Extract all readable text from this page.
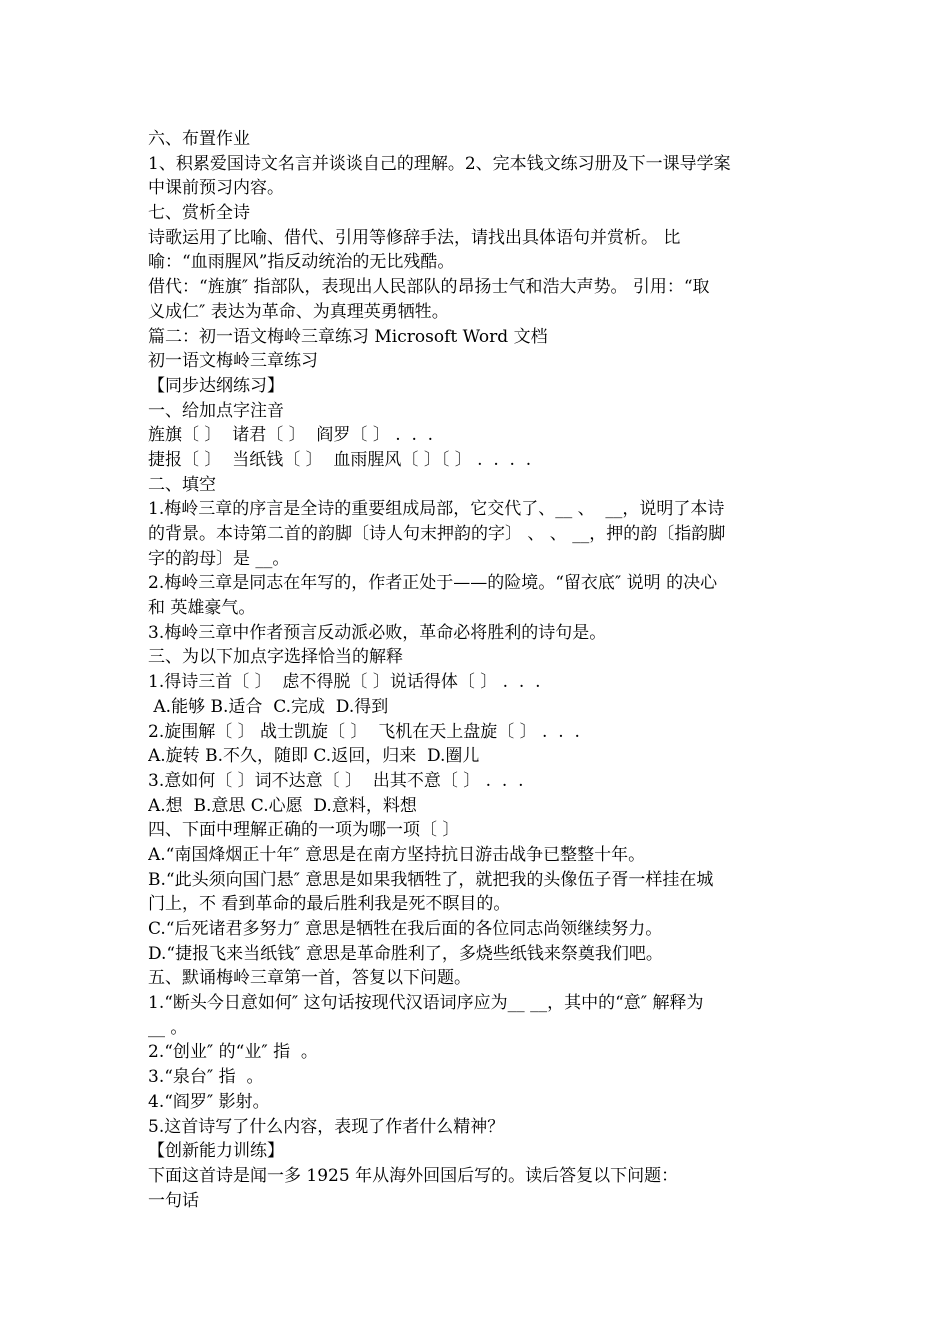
六、布置作业
1、积累爱国诗文名言并谈谈自己的理解。2、完本钱文练习册及下一课导学案
中课前预习内容。
七、赏析全诗
诗歌运用了比喻、借代、引用等修辞手法，请找出具体语句并赏析。 比
喻：“血雨腥风”指反动统治的无比残酷。
借代：“旌旗″ 指部队，表现出人民部队的昂扬士气和浩大声势。 引用：“取
义成仁″ 表达为革命、为真理英勇牺牲。
篇二：初一语文梅岭三章练习 Microsoft Word 文档
初一语文梅岭三章练习
【同步达纲练习】
一、给加点字注音
旌旗〔 〕  诸君〔 〕  阎罗〔 〕 .  .  .
捷报〔 〕  当纸钱〔 〕  血雨腥风〔 〕〔 〕 .  .  .  .
二、填空
1.梅岭三章的序言是全诗的重要组成局部，它交代了、__ 、  __，说明了本诗
的背景。本诗第二首的韵脚〔诗人句末押韵的字〕 、 、 __，押的韵〔指韵脚
字的韵母〕是 __。
2.梅岭三章是同志在年写的，作者正处于——的险境。“留衣底″ 说明 的决心
和 英雄豪气。
3.梅岭三章中作者预言反动派必败，革命必将胜利的诗句是。
三、为以下加点字选择恰当的解释
1.得诗三首〔 〕  虑不得脱〔 〕说话得体〔 〕 .  .  .
A.能够 B.适合  C.完成  D.得到
2.旋围解〔 〕 战士凯旋〔 〕  飞机在天上盘旋〔 〕 .  .  .
A.旋转 B.不久，随即 C.返回，归来  D.圈儿
3.意如何〔 〕词不达意〔 〕  出其不意〔 〕 .  .  .
A.想  B.意思 C.心愿  D.意料，料想
四、下面中理解正确的一项为哪一项〔 〕
A.“南国烽烟正十年″ 意思是在南方坚持抗日游击战争已整整十年。
B.“此头须向国门悬″ 意思是如果我牺牲了，就把我的头像伍子胥一样挂在城
门上，不 看到革命的最后胜利我是死不瞑目的。
C.“后死诸君多努力″ 意思是牺牲在我后面的各位同志尚领继续努力。
D.“捷报飞来当纸钱″ 意思是革命胜利了，多烧些纸钱来祭奠我们吧。
五、默诵梅岭三章第一首，答复以下问题。
1.“断头今日意如何″ 这句话按现代汉语词序应为__ __，其中的“意″ 解释为
__ 。
2.“创业″ 的“业″ 指  。
3.“泉台″ 指  。
4.“阎罗″ 影射。
5.这首诗写了什么内容，表现了作者什么精神？
【创新能力训练】
下面这首诗是闻一多 1925 年从海外回国后写的。读后答复以下问题：
一句话
